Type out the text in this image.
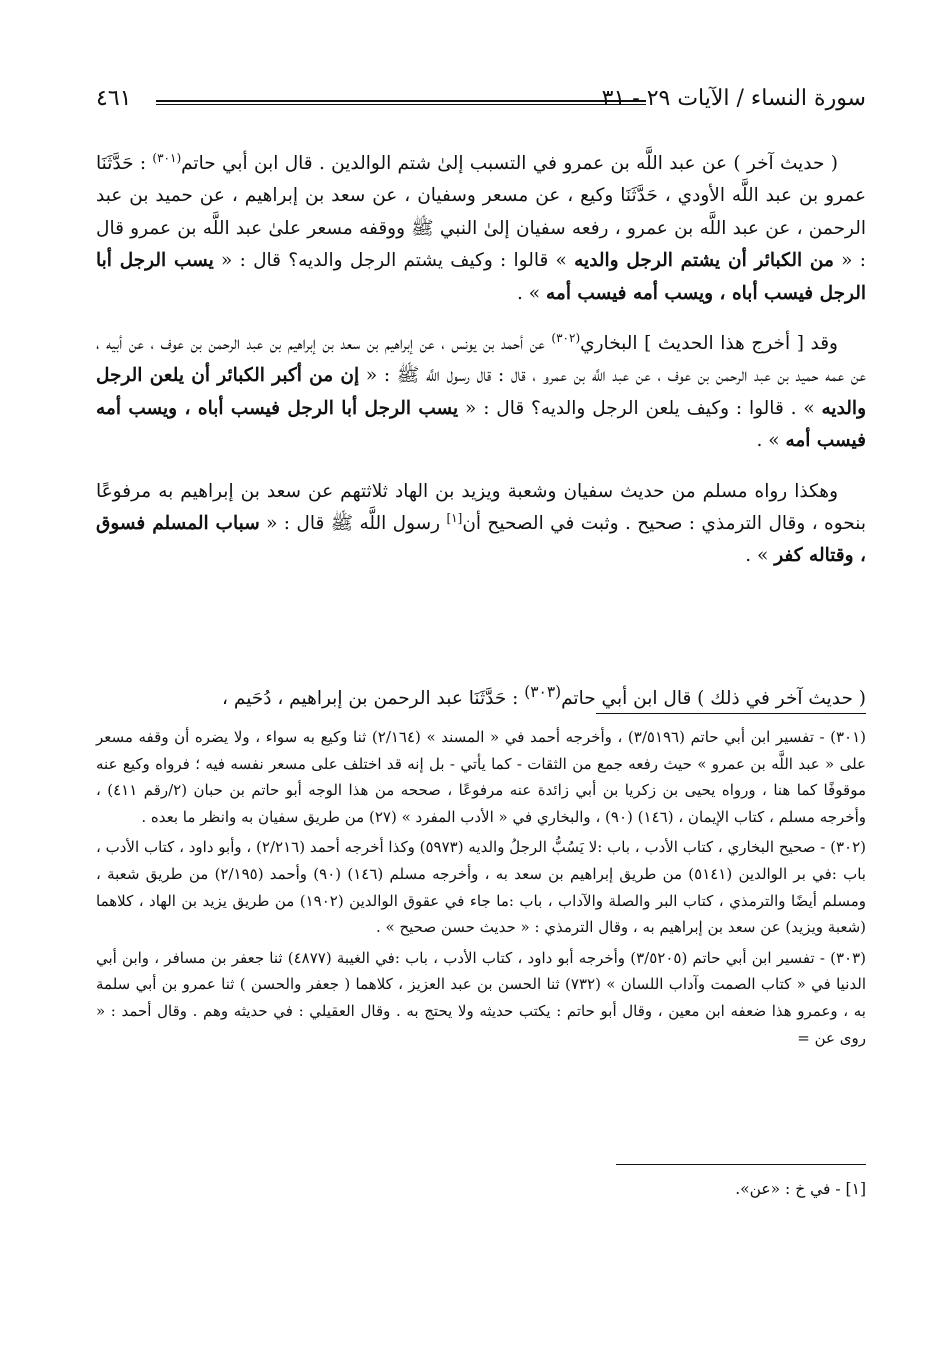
سورة النساء / الآيات ٢٩ - ٣١
٤٦١

( حديث آخر ) عن عبد اللَّه بن عمرو في التسبب إلىٰ شتم الوالدين . قال ابن أبي حاتم$^{(٣٠١)}$ : حَدَّثَنَا عمرو بن عبد اللَّه الأودي ، حَدَّثَنَا وكيع ، عن مسعر وسفيان ، عن سعد بن إبراهيم ، عن حميد بن عبد الرحمن ، عن عبد اللَّه بن عمرو ، رفعه سفيان إلىٰ النبي ﷺ ووقفه مسعر علىٰ عبد اللَّه بن عمرو قال : « من الكبائر أن يشتم الرجل والديه » قالوا : وكيف يشتم الرجل والديه؟ قال : « يسب الرجل أبا الرجل فيسب أباه ، ويسب أمه فيسب أمه » .

وقد [ أخرج هذا الحديث ] البخاري$^{(٣٠٢)}$ عن أحمد بن يونس ، عن إبراهيم بن سعد بن إبراهيم بن عبد الرحمن بن عوف ، عن أبيه ، عن عمه حميد بن عبد الرحمن بن عوف ، عن عبد اللَّه بن عمرو ، قال : قال رسول اللَّه ﷺ : « إن من أكبر الكبائر أن يلعن الرجل والديه » . قالوا : وكيف يلعن الرجل والديه؟ قال : « يسب الرجل أبا الرجل فيسب أباه ، ويسب أمه فيسب أمه » .

وهكذا رواه مسلم من حديث سفيان وشعبة ويزيد بن الهاد ثلاثتهم عن سعد بن إبراهيم به مرفوعًا بنحوه ، وقال الترمذي : صحيح . وثبت في الصحيح أن[١] رسول اللَّه ﷺ قال : « سباب المسلم فسوق ، وقتاله كفر » .

( حديث آخر في ذلك ) قال ابن أبي حاتم$^{(٣٠٣)}$ : حَدَّثَنَا عبد الرحمن بن إبراهيم ، دُحَيم ،
(٣٠١) - تفسير ابن أبي حاتم (٣/٥١٩٦) ، وأخرجه أحمد في « المسند » (٢/١٦٤) ثنا وكيع به سواء ، ولا يضره أن وقفه مسعر على « عبد اللَّه بن عمرو » حيث رفعه جمع من الثقات - كما يأتي - بل إنه قد اختلف على مسعر نفسه فيه ؛ فرواه وكيع عنه موقوفًا كما هنا ، ورواه يحيى بن زكريا بن أبي زائدة عنه مرفوعًا ، صححه من هذا الوجه أبو حاتم بن حبان (٢/رقم ٤١١) ، وأخرجه مسلم ، كتاب الإيمان ، (١٤٦) (٩٠) ، والبخاري في « الأدب المفرد » (٢٧) من طريق سفيان به وانظر ما بعده .
(٣٠٢) - صحيح البخاري ، كتاب الأدب ، باب :لا يَسُبُّ الرجلُ والديه (٥٩٧٣) وكذا أخرجه أحمد (٢/٢١٦) ، وأبو داود ، كتاب الأدب ، باب :في بر الوالدين (٥١٤١) من طريق إبراهيم بن سعد به ، وأخرجه مسلم (١٤٦) (٩٠) وأحمد (٢/١٩٥) من طريق شعبة ، ومسلم أيضًا والترمذي ، كتاب البر والصلة والآداب ، باب :ما جاء في عقوق الوالدين (١٩٠٢) من طريق يزيد بن الهاد ، كلاهما (شعبة ويزيد) عن سعد بن إبراهيم به ، وقال الترمذي : « حديث حسن صحيح » .
(٣٠٣) - تفسير ابن أبي حاتم (٣/٥٢٠٥) وأخرجه أبو داود ، كتاب الأدب ، باب :في الغيبة (٤٨٧٧) ثنا جعفر بن مسافر ، وابن أبي الدنيا في « كتاب الصمت وآداب اللسان » (٧٣٢) ثنا الحسن بن عبد العزيز ، كلاهما ( جعفر والحسن ) ثنا عمرو بن أبي سلمة به ، وعمرو هذا ضعفه ابن معين ، وقال أبو حاتم : يكتب حديثه ولا يحتج به . وقال العقيلي : في حديثه وهم . وقال أحمد : « روى عن =
[١] - في خ : «عن».
